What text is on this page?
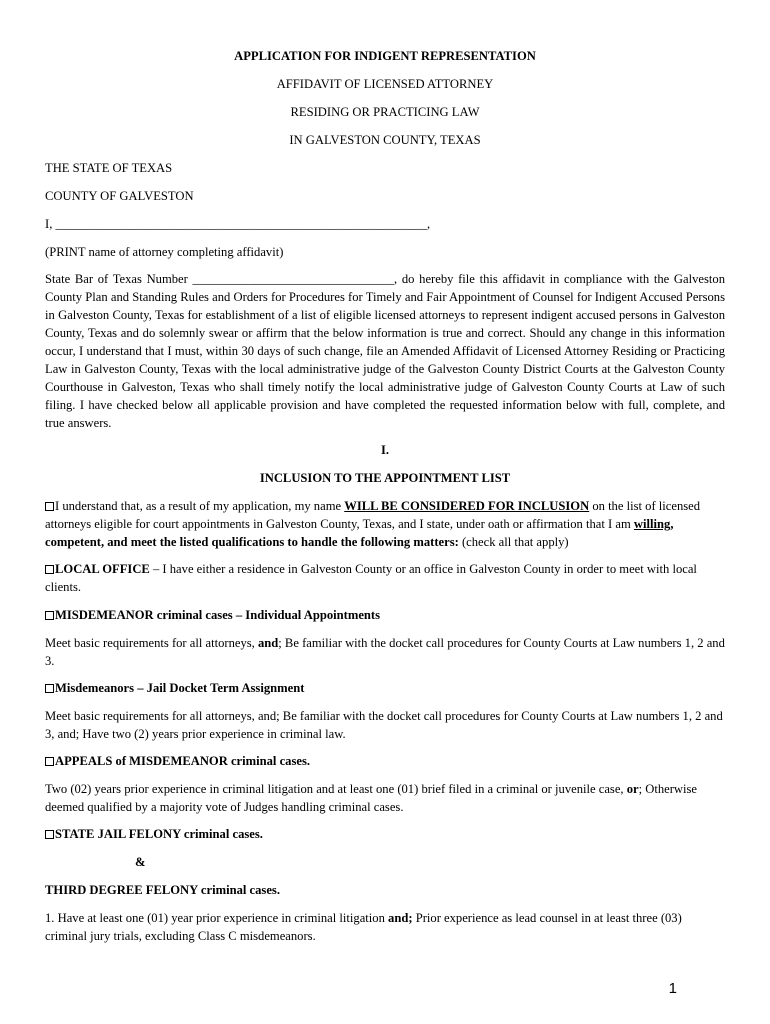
APPLICATION FOR INDIGENT REPRESENTATION

AFFIDAVIT OF LICENSED ATTORNEY

RESIDING OR PRACTICING LAW

IN GALVESTON COUNTY, TEXAS

THE STATE OF TEXAS

COUNTY OF GALVESTON

I, ___________________________________________________________,

(PRINT name of attorney completing affidavit)

State Bar of Texas Number ________________________________, do hereby file this affidavit in compliance with the Galveston County Plan and Standing Rules and Orders for Procedures for Timely and Fair Appointment of Counsel for Indigent Accused Persons in Galveston County, Texas for establishment of a list of eligible licensed attorneys to represent indigent accused persons in Galveston County, Texas and do solemnly swear or affirm that the below information is true and correct. Should any change in this information occur, I understand that I must, within 30 days of such change, file an Amended Affidavit of Licensed Attorney Residing or Practicing Law in Galveston County, Texas with the local administrative judge of the Galveston County District Courts at the Galveston County Courthouse in Galveston, Texas who shall timely notify the local administrative judge of Galveston County Courts at Law of such filing. I have checked below all applicable provision and have completed the requested information below with full, complete, and true answers.

I.

INCLUSION TO THE APPOINTMENT LIST

I understand that, as a result of my application, my name WILL BE CONSIDERED FOR INCLUSION on the list of licensed attorneys eligible for court appointments in Galveston County, Texas, and I state, under oath or affirmation that I am willing, competent, and meet the listed qualifications to handle the following matters: (check all that apply)

LOCAL OFFICE – I have either a residence in Galveston County or an office in Galveston County in order to meet with local clients.

MISDEMEANOR criminal cases – Individual Appointments

Meet basic requirements for all attorneys, and; Be familiar with the docket call procedures for County Courts at Law numbers 1, 2 and 3.

Misdemeanors – Jail Docket Term Assignment

Meet basic requirements for all attorneys, and; Be familiar with the docket call procedures for County Courts at Law numbers 1, 2 and 3, and; Have two (2) years prior experience in criminal law.

APPEALS of MISDEMEANOR criminal cases.

Two (02) years prior experience in criminal litigation and at least one (01) brief filed in a criminal or juvenile case, or; Otherwise deemed qualified by a majority vote of Judges handling criminal cases.

STATE JAIL FELONY criminal cases.

&

THIRD DEGREE FELONY criminal cases.

1. Have at least one (01) year prior experience in criminal litigation and; Prior experience as lead counsel in at least three (03) criminal jury trials, excluding Class C misdemeanors.

1
